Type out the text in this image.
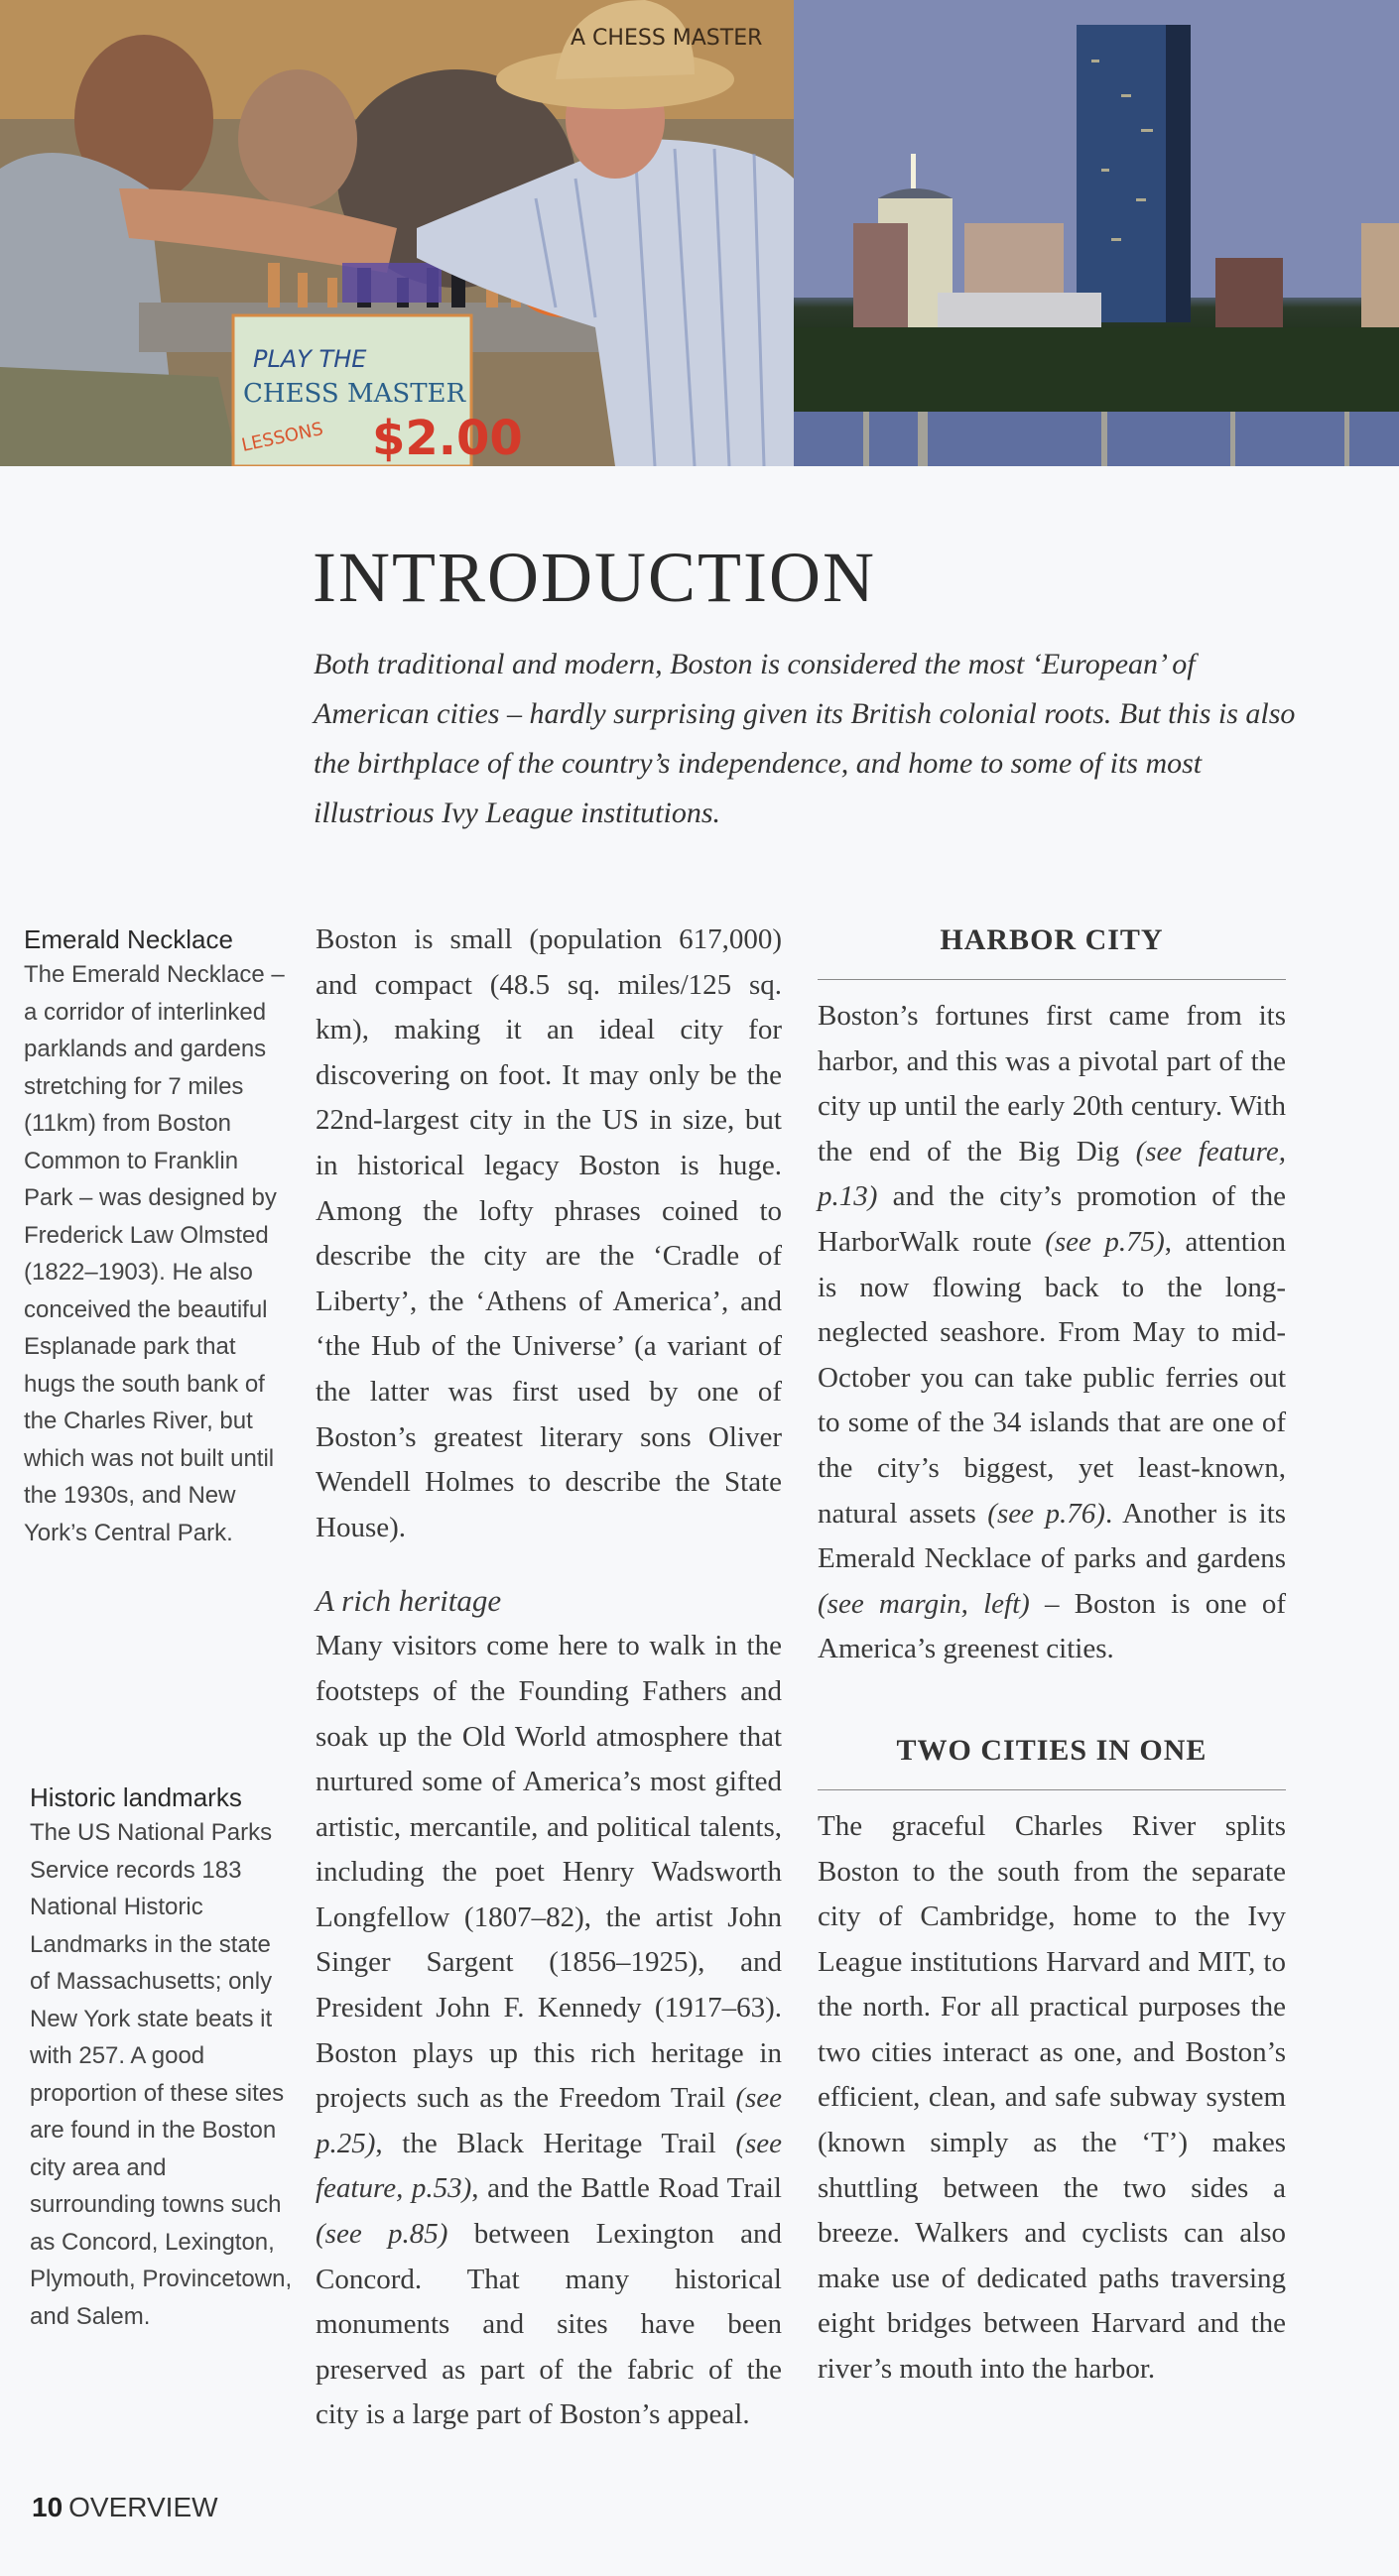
A CHESS MASTER
PLAY THE
CHESS MASTER
LESSONS $2.00
INTRODUCTION

Both traditional and modern, Boston is considered the most ‘European’ of American cities – hardly surprising given its British colonial roots. But this is also the birthplace of the country’s independence, and home to some of its most illustrious Ivy League institutions.

Emerald Necklace

The Emerald Necklace – a corridor of interlinked parklands and gardens stretching for 7 miles (11km) from Boston Common to Franklin Park – was designed by Frederick Law Olmsted (1822–1903). He also conceived the beautiful Esplanade park that hugs the south bank of the Charles River, but which was not built until the 1930s, and New York’s Central Park.

Historic landmarks

The US National Parks Service records 183 National Historic Landmarks in the state of Massachusetts; only New York state beats it with 257. A good proportion of these sites are found in the Boston city area and surrounding towns such as Concord, Lexington, Plymouth, Provincetown, and Salem.

Boston is small (population 617,000) and compact (48.5 sq. miles/125 sq. km), making it an ideal city for discovering on foot. It may only be the 22nd-largest city in the US in size, but in historical legacy Boston is huge. Among the lofty phrases coined to describe the city are the ‘Cradle of Liberty’, the ‘Athens of America’, and ‘the Hub of the Universe’ (a variant of the latter was first used by one of Boston’s greatest literary sons Oliver Wendell Holmes to describe the State House).

A rich heritage

Many visitors come here to walk in the footsteps of the Founding Fathers and soak up the Old World atmosphere that nurtured some of America’s most gifted artistic, mercantile, and political talents, including the poet Henry Wadsworth Longfellow (1807–82), the artist John Singer Sargent (1856–1925), and President John F. Kennedy (1917–63). Boston plays up this rich heritage in projects such as the Freedom Trail (see p.25), the Black Heritage Trail (see feature, p.53), and the Battle Road Trail (see p.85) between Lexington and Concord. That many historical monuments and sites have been preserved as part of the fabric of the city is a large part of Boston’s appeal.

HARBOR CITY

Boston’s fortunes first came from its harbor, and this was a pivotal part of the city up until the early 20th century. With the end of the Big Dig (see feature, p.13) and the city’s promotion of the HarborWalk route (see p.75), attention is now flowing back to the long-neglected seashore. From May to mid-October you can take public ferries out to some of the 34 islands that are one of the city’s biggest, yet least-known, natural assets (see p.76). Another is its Emerald Necklace of parks and gardens (see margin, left) – Boston is one of America’s greenest cities.

TWO CITIES IN ONE

The graceful Charles River splits Boston to the south from the separate city of Cambridge, home to the Ivy League institutions Harvard and MIT, to the north. For all practical purposes the two cities interact as one, and Boston’s efficient, clean, and safe subway system (known simply as the ‘T’) makes shuttling between the two sides a breeze. Walkers and cyclists can also make use of dedicated paths traversing eight bridges between Harvard and the river’s mouth into the harbor.

10 OVERVIEW
